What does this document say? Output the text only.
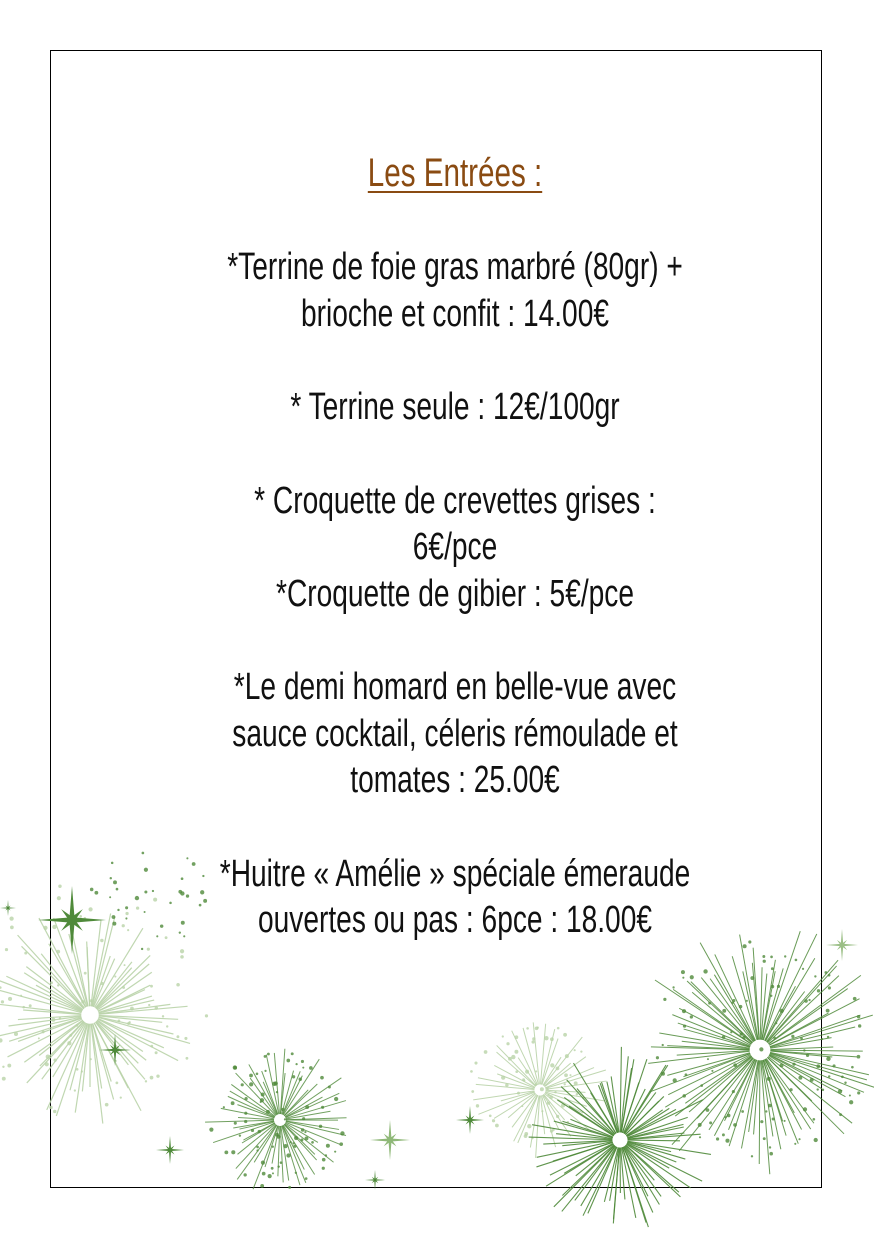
Les Entrées :
*Terrine de foie gras marbré (80gr) +
brioche et confit : 14.00€
* Terrine seule : 12€/100gr
* Croquette de crevettes grises :
6€/pce
*Croquette de gibier : 5€/pce
*Le demi homard en belle-vue avec
sauce cocktail, céleris rémoulade et
tomates : 25.00€
*Huitre « Amélie » spéciale émeraude
ouvertes ou pas : 6pce : 18.00€
